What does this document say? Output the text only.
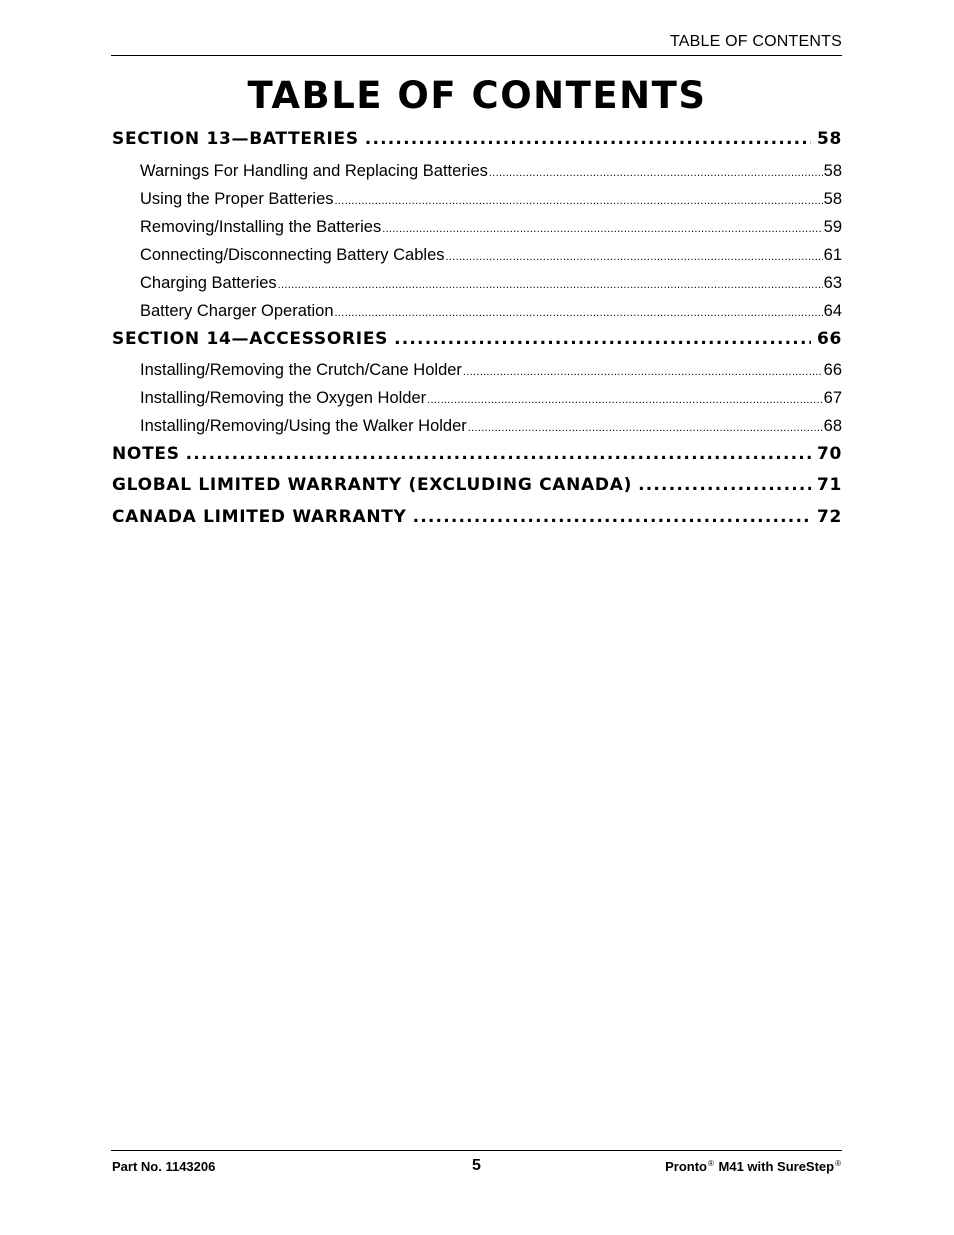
TABLE OF CONTENTS
TABLE OF CONTENTS
SECTION 13—BATTERIES .....	58
Warnings For Handling and Replacing Batteries .....	58
Using the Proper Batteries .....	58
Removing/Installing the Batteries .....	59
Connecting/Disconnecting Battery Cables .....	61
Charging Batteries .....	63
Battery Charger Operation .....	64
SECTION 14—ACCESSORIES .....	66
Installing/Removing the Crutch/Cane Holder .....	66
Installing/Removing the Oxygen Holder .....	67
Installing/Removing/Using the Walker Holder .....	68
NOTES .....	70
GLOBAL LIMITED WARRANTY (EXCLUDING CANADA) .....	71
CANADA LIMITED WARRANTY .....	72
Part No. 1143206	5	Pronto® M41 with SureStep®
